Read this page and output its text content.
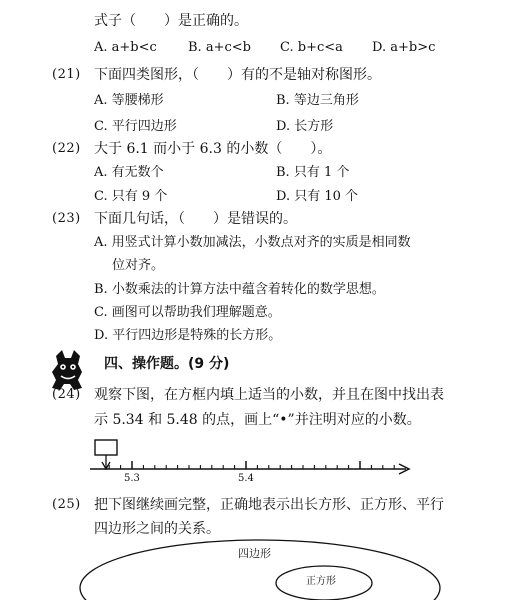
式子（　　）是正确的。
A. a+b<c B. a+c<b C. b+c<a D. a+b>c
(21) 下面四类图形，（　　）有的不是轴对称图形。
A. 等腰梯形	B. 等边三角形
C. 平行四边形	D. 长方形
(22) 大于 6.1 而小于 6.3 的小数（　　）。
A. 有无数个	B. 只有 1 个
C. 只有 9 个	D. 只有 10 个
(23) 下面几句话，（　　）是错误的。
A. 用竖式计算小数加减法，小数点对齐的实质是相同数
位对齐。
B. 小数乘法的计算方法中蕴含着转化的数学思想。
C. 画图可以帮助我们理解题意。
D. 平行四边形是特殊的长方形。
四、操作题。(9 分)
(24) 观察下图，在方框内填上适当的小数，并且在图中找出表
示 5.34 和 5.48 的点，画上“•”并注明对应的小数。
5.3	5.4
(25) 把下图继续画完整，正确地表示出长方形、正方形、平行
四边形之间的关系。
四边形
正方形
